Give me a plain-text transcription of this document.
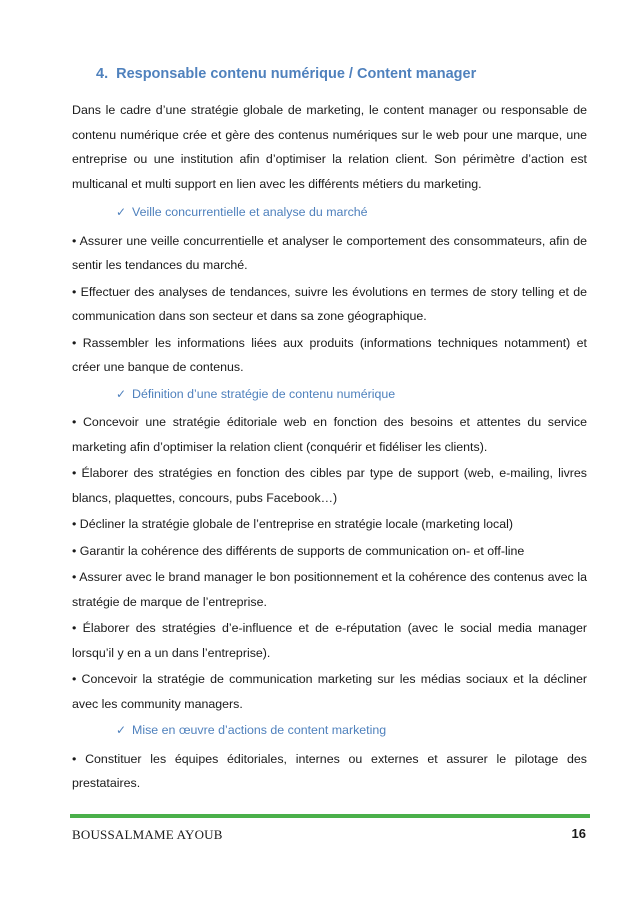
4. Responsable contenu numérique / Content manager

Dans le cadre d’une stratégie globale de marketing, le content manager ou responsable de contenu numérique crée et gère des contenus numériques sur le web pour une marque, une entreprise ou une institution afin d’optimiser la relation client. Son périmètre d’action est multicanal et multi support en lien avec les différents métiers du marketing.

✓ Veille concurrentielle et analyse du marché

• Assurer une veille concurrentielle et analyser le comportement des consommateurs, afin de sentir les tendances du marché.

• Effectuer des analyses de tendances, suivre les évolutions en termes de story telling et de communication dans son secteur et dans sa zone géographique.

• Rassembler les informations liées aux produits (informations techniques notamment) et créer une banque de contenus.

✓ Définition d’une stratégie de contenu numérique

• Concevoir une stratégie éditoriale web en fonction des besoins et attentes du service marketing afin d’optimiser la relation client (conquérir et fidéliser les clients).

• Élaborer des stratégies en fonction des cibles par type de support (web, e-mailing, livres blancs, plaquettes, concours, pubs Facebook…)

• Décliner la stratégie globale de l’entreprise en stratégie locale (marketing local)

• Garantir la cohérence des différents de supports de communication on- et off-line

• Assurer avec le brand manager le bon positionnement et la cohérence des contenus avec la stratégie de marque de l’entreprise.

• Élaborer des stratégies d’e-influence et de e-réputation (avec le social media manager lorsqu’il y en a un dans l’entreprise).

• Concevoir la stratégie de communication marketing sur les médias sociaux et la décliner avec les community managers.

✓ Mise en œuvre d’actions de content marketing

• Constituer les équipes éditoriales, internes ou externes et assurer le pilotage des prestataires.

BOUSSALMAME AYOUB	16
